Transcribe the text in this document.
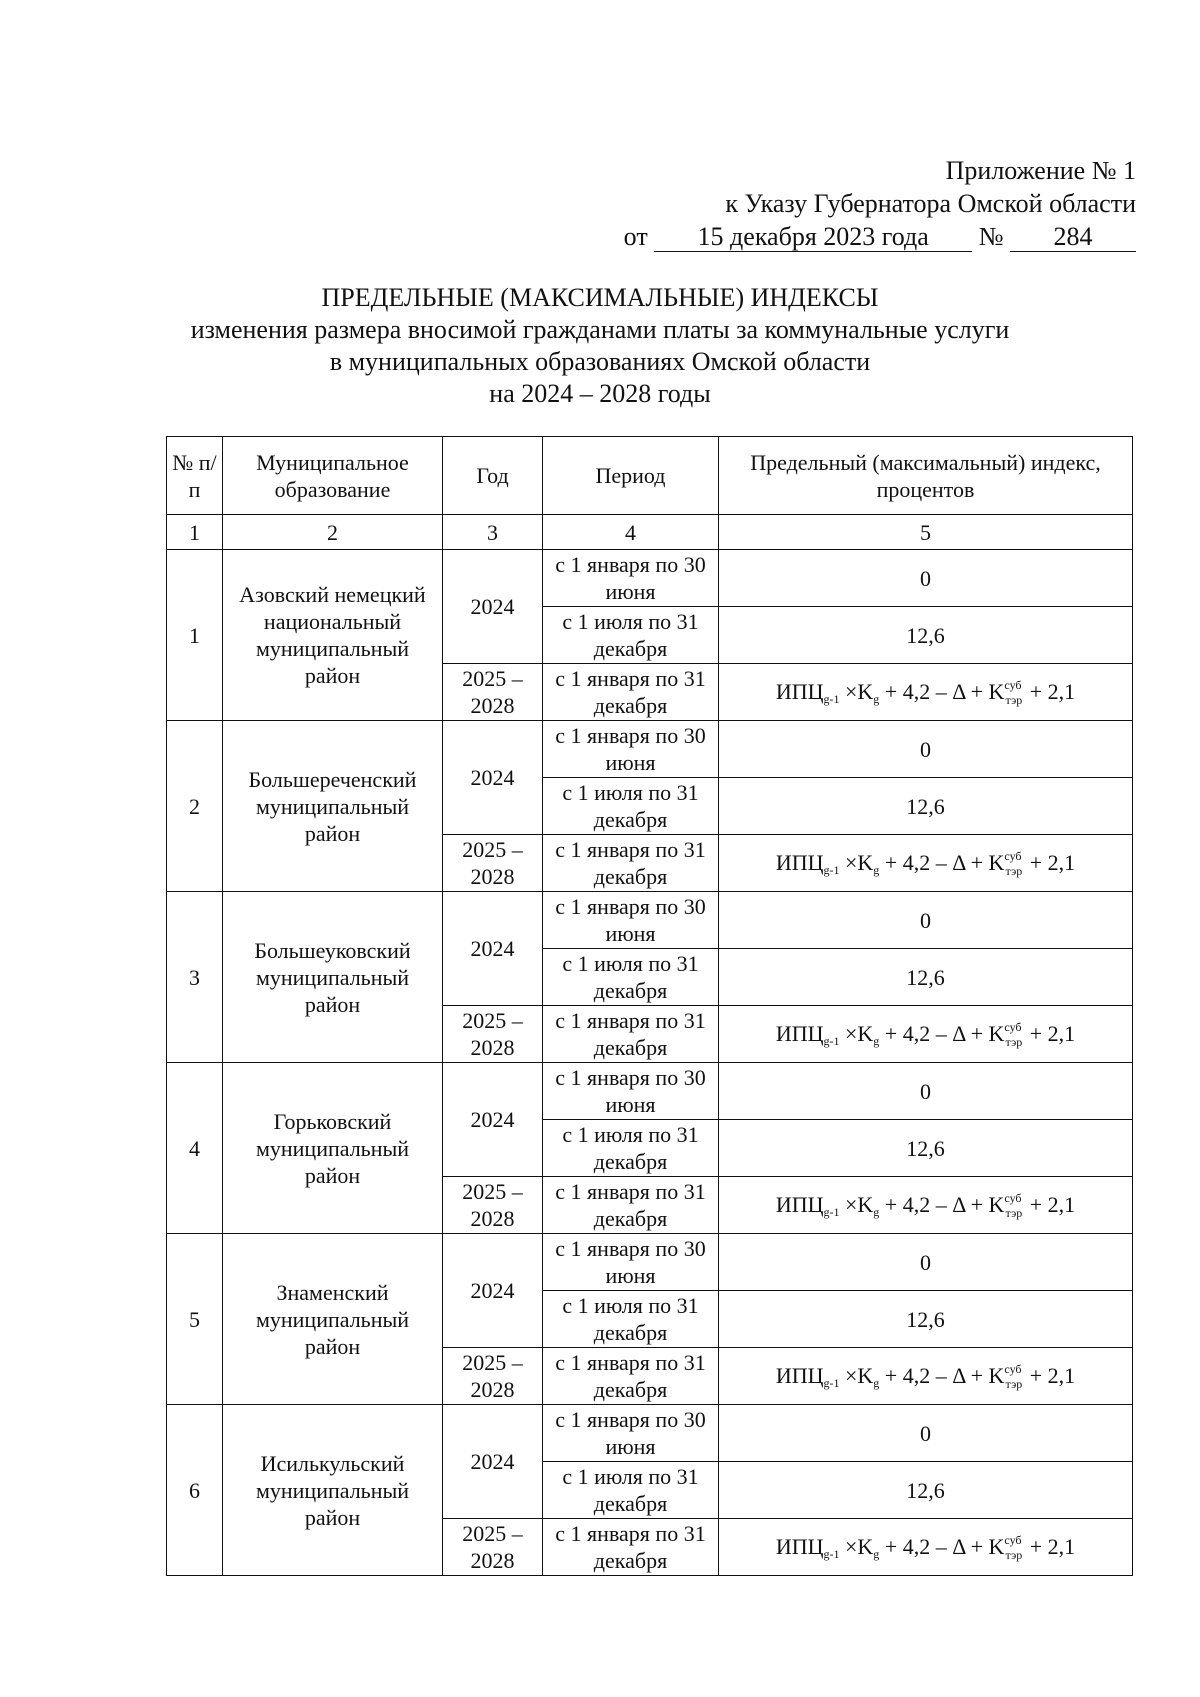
Приложение № 1
к Указу Губернатора Омской области
от 15 декабря 2023 года № 284
ПРЕДЕЛЬНЫЕ (МАКСИМАЛЬНЫЕ) ИНДЕКСЫ
изменения размера вносимой гражданами платы за коммунальные услуги
в муниципальных образованиях Омской области
на 2024 – 2028 годы
№ п/п	Муниципальное образование	Год	Период	Предельный (максимальный) индекс, процентов
1	2	3	4	5
1	Азовский немецкий национальный муниципальный район	2024	с 1 января по 30 июня	0
			с 1 июля по 31 декабря	12,6
		2025 – 2028	с 1 января по 31 декабря	$ИПЦ_{g-1} \times K_g + 4,2 - \Delta + K^{суб}_{тэр} + 2,1$
2	Большереченский муниципальный район	2024	с 1 января по 30 июня	0
			с 1 июля по 31 декабря	12,6
		2025 – 2028	с 1 января по 31 декабря	$ИПЦ_{g-1} \times K_g + 4,2 - \Delta + K^{суб}_{тэр} + 2,1$
3	Большеуковский муниципальный район	2024	с 1 января по 30 июня	0
			с 1 июля по 31 декабря	12,6
		2025 – 2028	с 1 января по 31 декабря	$ИПЦ_{g-1} \times K_g + 4,2 - \Delta + K^{суб}_{тэр} + 2,1$
4	Горьковский муниципальный район	2024	с 1 января по 30 июня	0
			с 1 июля по 31 декабря	12,6
		2025 – 2028	с 1 января по 31 декабря	$ИПЦ_{g-1} \times K_g + 4,2 - \Delta + K^{суб}_{тэр} + 2,1$
5	Знаменский муниципальный район	2024	с 1 января по 30 июня	0
			с 1 июля по 31 декабря	12,6
		2025 – 2028	с 1 января по 31 декабря	$ИПЦ_{g-1} \times K_g + 4,2 - \Delta + K^{суб}_{тэр} + 2,1$
6	Исилькульский муниципальный район	2024	с 1 января по 30 июня	0
			с 1 июля по 31 декабря	12,6
		2025 – 2028	с 1 января по 31 декабря	$ИПЦ_{g-1} \times K_g + 4,2 - \Delta + K^{суб}_{тэр} + 2,1$
